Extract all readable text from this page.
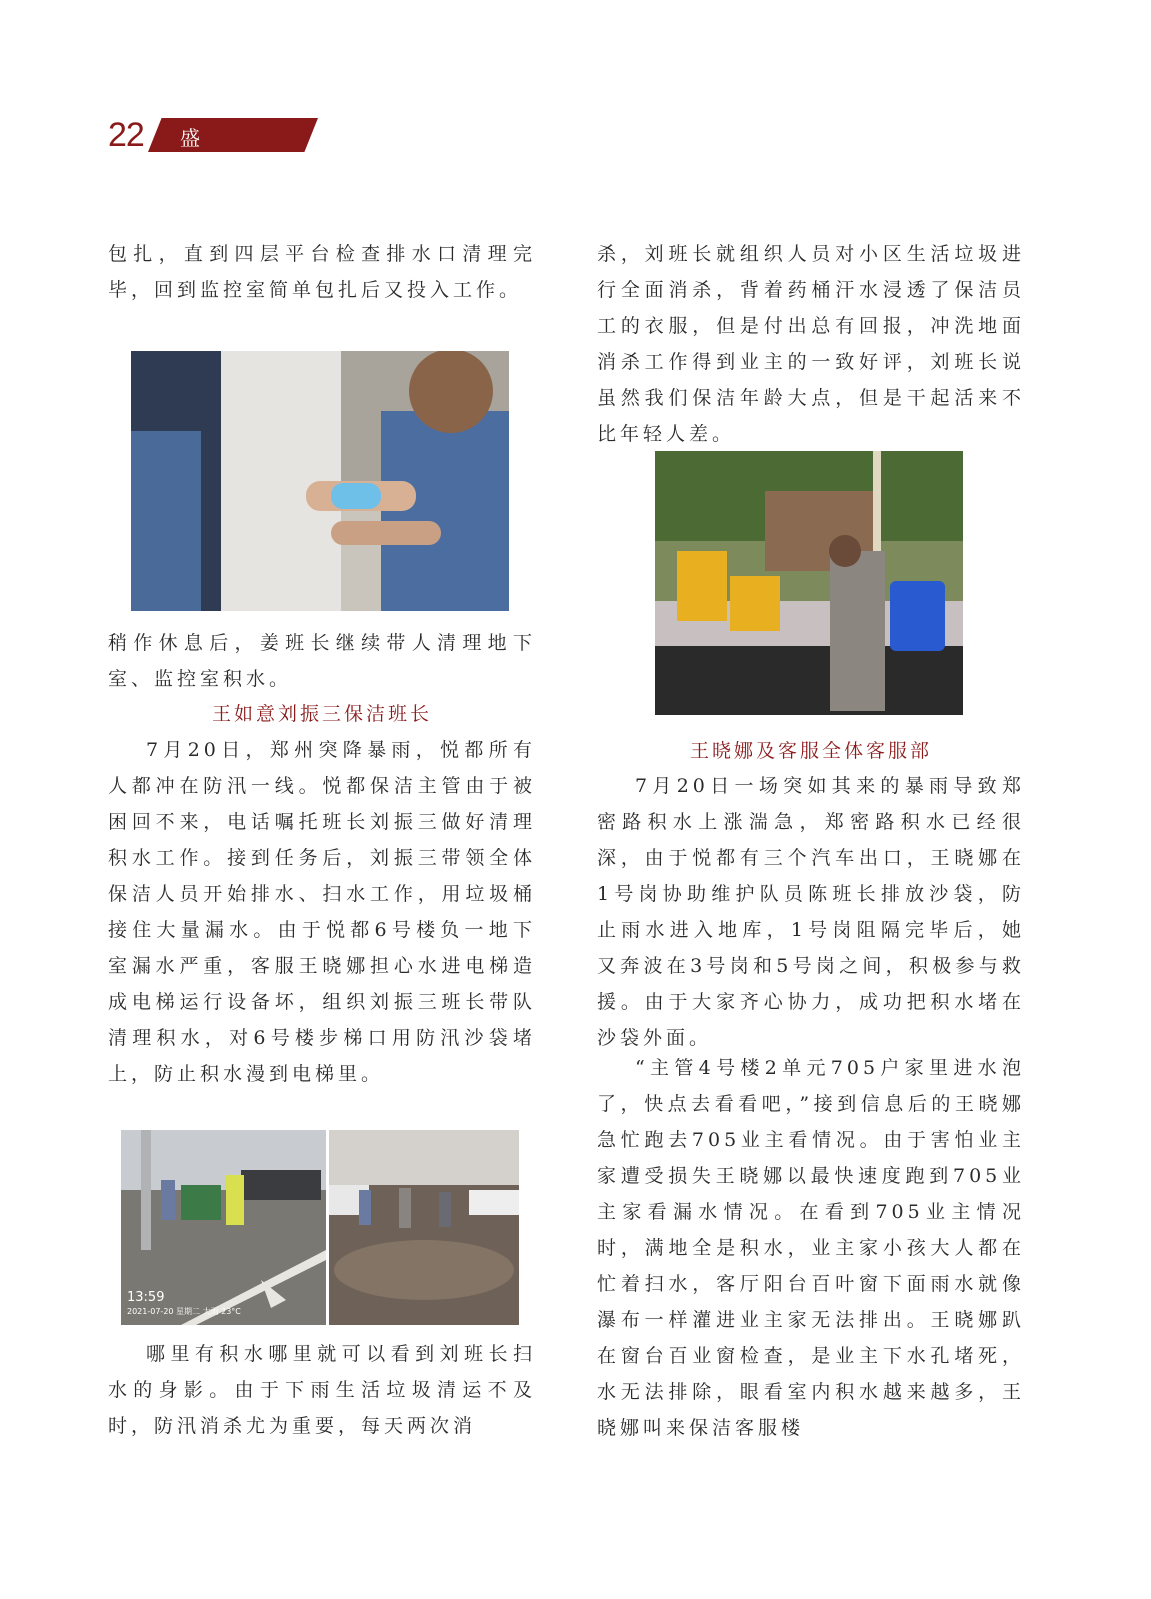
22 盛世物业

包扎，直到四层平台检查排水口清理完毕，回到监控室简单包扎后又投入工作。

稍作休息后，姜班长继续带人清理地下室、监控室积水。

王如意刘振三保洁班长

7月20日，郑州突降暴雨，悦都所有人都冲在防汛一线。悦都保洁主管由于被困回不来，电话嘱托班长刘振三做好清理积水工作。接到任务后，刘振三带领全体保洁人员开始排水、扫水工作，用垃圾桶接住大量漏水。由于悦都6号楼负一地下室漏水严重，客服王晓娜担心水进电梯造成电梯运行设备坏，组织刘振三班长带队清理积水，对6号楼步梯口用防汛沙袋堵上，防止积水漫到电梯里。

13:59
2021-07-20 星期二 大雨 23°C

哪里有积水哪里就可以看到刘班长扫水的身影。由于下雨生活垃圾清运不及时，防汛消杀尤为重要，每天两次消

杀，刘班长就组织人员对小区生活垃圾进行全面消杀，背着药桶汗水浸透了保洁员工的衣服，但是付出总有回报，冲洗地面消杀工作得到业主的一致好评，刘班长说虽然我们保洁年龄大点，但是干起活来不比年轻人差。

王晓娜及客服全体客服部

7月20日一场突如其来的暴雨导致郑密路积水上涨湍急，郑密路积水已经很深，由于悦都有三个汽车出口，王晓娜在1号岗协助维护队员陈班长排放沙袋，防止雨水进入地库，1号岗阻隔完毕后，她又奔波在3号岗和5号岗之间，积极参与救援。由于大家齐心协力，成功把积水堵在沙袋外面。

“主管4号楼2单元705户家里进水泡了，快点去看看吧，”接到信息后的王晓娜急忙跑去705业主看情况。由于害怕业主家遭受损失王晓娜以最快速度跑到705业主家看漏水情况。在看到705业主情况时，满地全是积水，业主家小孩大人都在忙着扫水，客厅阳台百叶窗下面雨水就像瀑布一样灌进业主家无法排出。王晓娜趴在窗台百业窗检查，是业主下水孔堵死，水无法排除，眼看室内积水越来越多，王晓娜叫来保洁客服楼
